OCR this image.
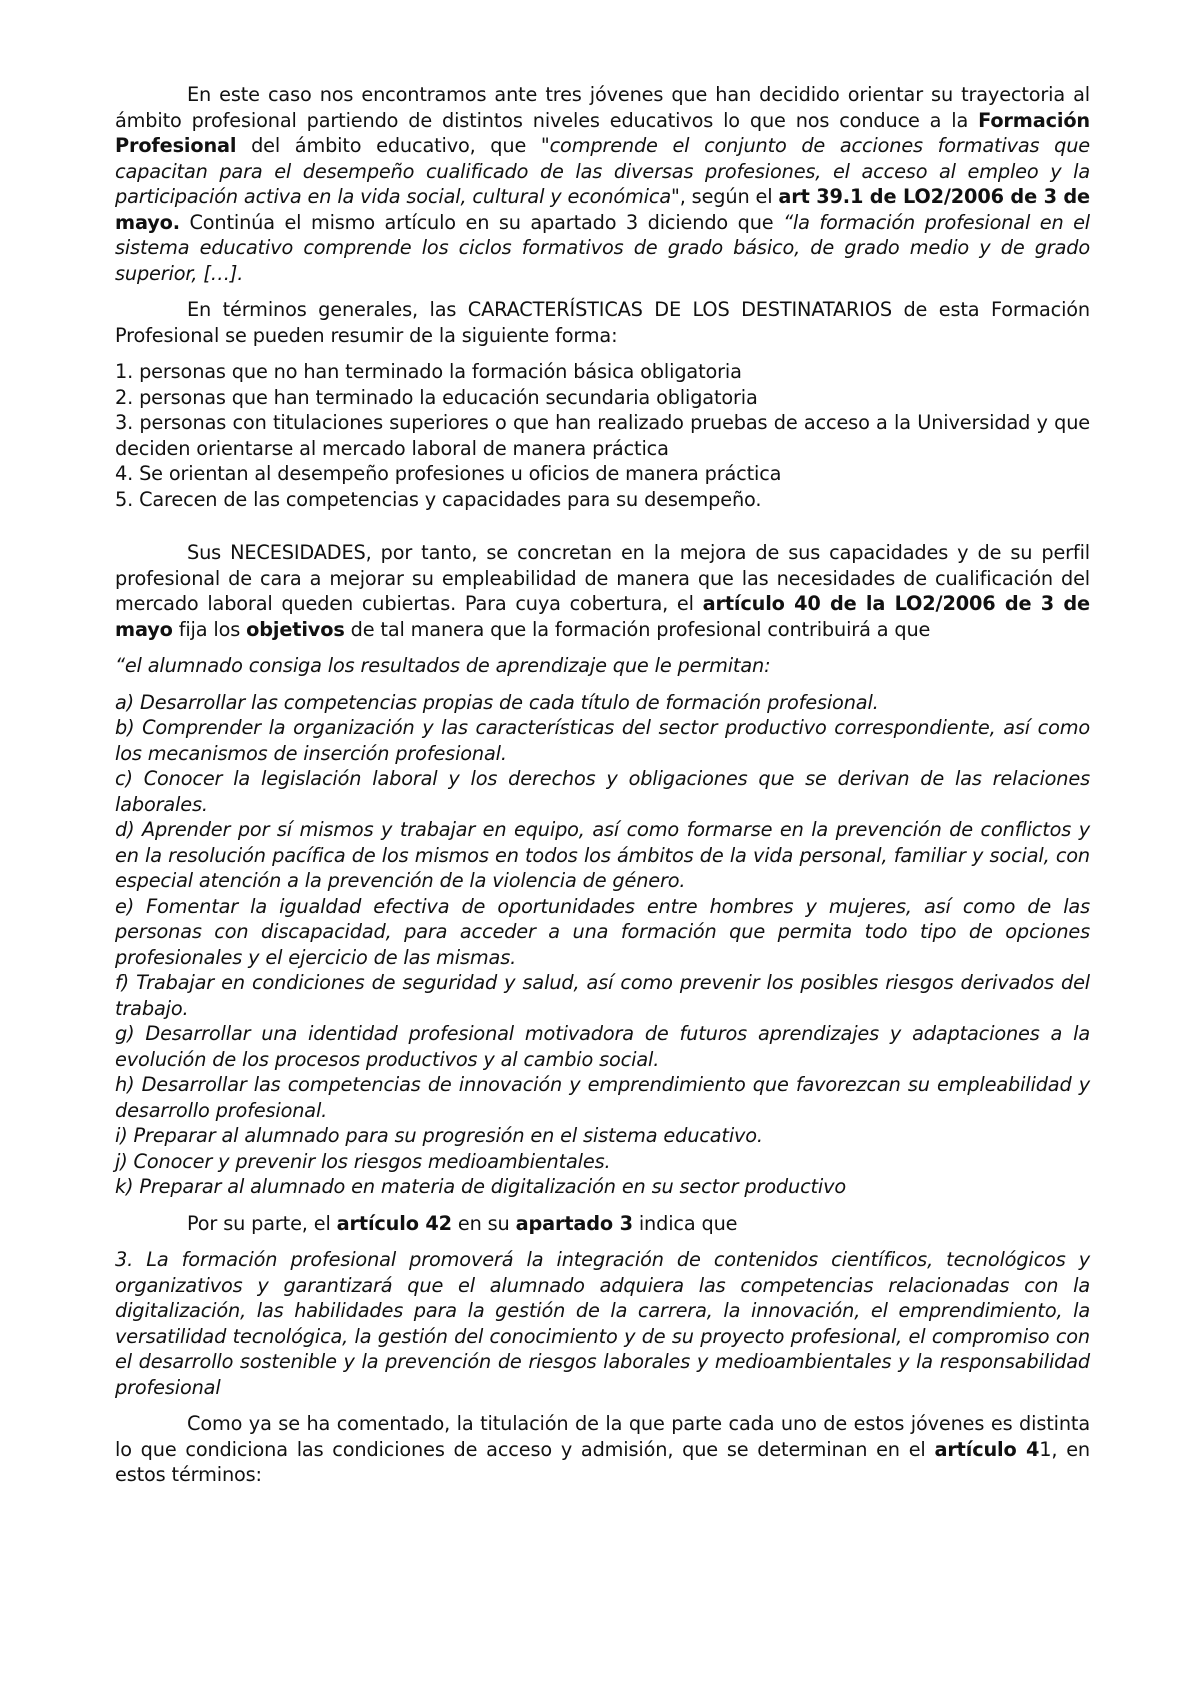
En este caso nos encontramos ante tres jóvenes que han decidido orientar su trayectoria al ámbito profesional partiendo de distintos niveles educativos lo que nos conduce a la Formación Profesional del ámbito educativo, que "comprende el conjunto de acciones formativas que capacitan para el desempeño cualificado de las diversas profesiones, el acceso al empleo y la participación activa en la vida social, cultural y económica", según el art 39.1 de LO2/2006 de 3 de mayo. Continúa el mismo artículo en su apartado 3 diciendo que “la formación profesional en el sistema educativo comprende los ciclos formativos de grado básico, de grado medio y de grado superior, […].

En términos generales, las CARACTERÍSTICAS DE LOS DESTINATARIOS de esta Formación Profesional se pueden resumir de la siguiente forma:

1. personas que no han terminado la formación básica obligatoria
2. personas que han terminado la educación secundaria obligatoria
3. personas con titulaciones superiores o que han realizado pruebas de acceso a la Universidad y que deciden orientarse al mercado laboral de manera práctica
4. Se orientan al desempeño profesiones u oficios de manera práctica
5. Carecen de las competencias y capacidades para su desempeño.

Sus NECESIDADES, por tanto, se concretan en la mejora de sus capacidades y de su perfil profesional de cara a mejorar su empleabilidad de manera que las necesidades de cualificación del mercado laboral queden cubiertas. Para cuya cobertura, el artículo 40 de la LO2/2006 de 3 de mayo fija los objetivos de tal manera que la formación profesional contribuirá a que

“el alumnado consiga los resultados de aprendizaje que le permitan:

a) Desarrollar las competencias propias de cada título de formación profesional.
b) Comprender la organización y las características del sector productivo correspondiente, así como los mecanismos de inserción profesional.
c) Conocer la legislación laboral y los derechos y obligaciones que se derivan de las relaciones laborales.
d) Aprender por sí mismos y trabajar en equipo, así como formarse en la prevención de conflictos y en la resolución pacífica de los mismos en todos los ámbitos de la vida personal, familiar y social, con especial atención a la prevención de la violencia de género.
e) Fomentar la igualdad efectiva de oportunidades entre hombres y mujeres, así como de las personas con discapacidad, para acceder a una formación que permita todo tipo de opciones profesionales y el ejercicio de las mismas.
f) Trabajar en condiciones de seguridad y salud, así como prevenir los posibles riesgos derivados del trabajo.
g) Desarrollar una identidad profesional motivadora de futuros aprendizajes y adaptaciones a la evolución de los procesos productivos y al cambio social.
h) Desarrollar las competencias de innovación y emprendimiento que favorezcan su empleabilidad y desarrollo profesional.
i) Preparar al alumnado para su progresión en el sistema educativo.
j) Conocer y prevenir los riesgos medioambientales.
k) Preparar al alumnado en materia de digitalización en su sector productivo

Por su parte, el artículo 42 en su apartado 3 indica que

3. La formación profesional promoverá la integración de contenidos científicos, tecnológicos y organizativos y garantizará que el alumnado adquiera las competencias relacionadas con la digitalización, las habilidades para la gestión de la carrera, la innovación, el emprendimiento, la versatilidad tecnológica, la gestión del conocimiento y de su proyecto profesional, el compromiso con el desarrollo sostenible y la prevención de riesgos laborales y medioambientales y la responsabilidad profesional

Como ya se ha comentado, la titulación de la que parte cada uno de estos jóvenes es distinta lo que condiciona las condiciones de acceso y admisión, que se determinan en el artículo 41, en estos términos:
